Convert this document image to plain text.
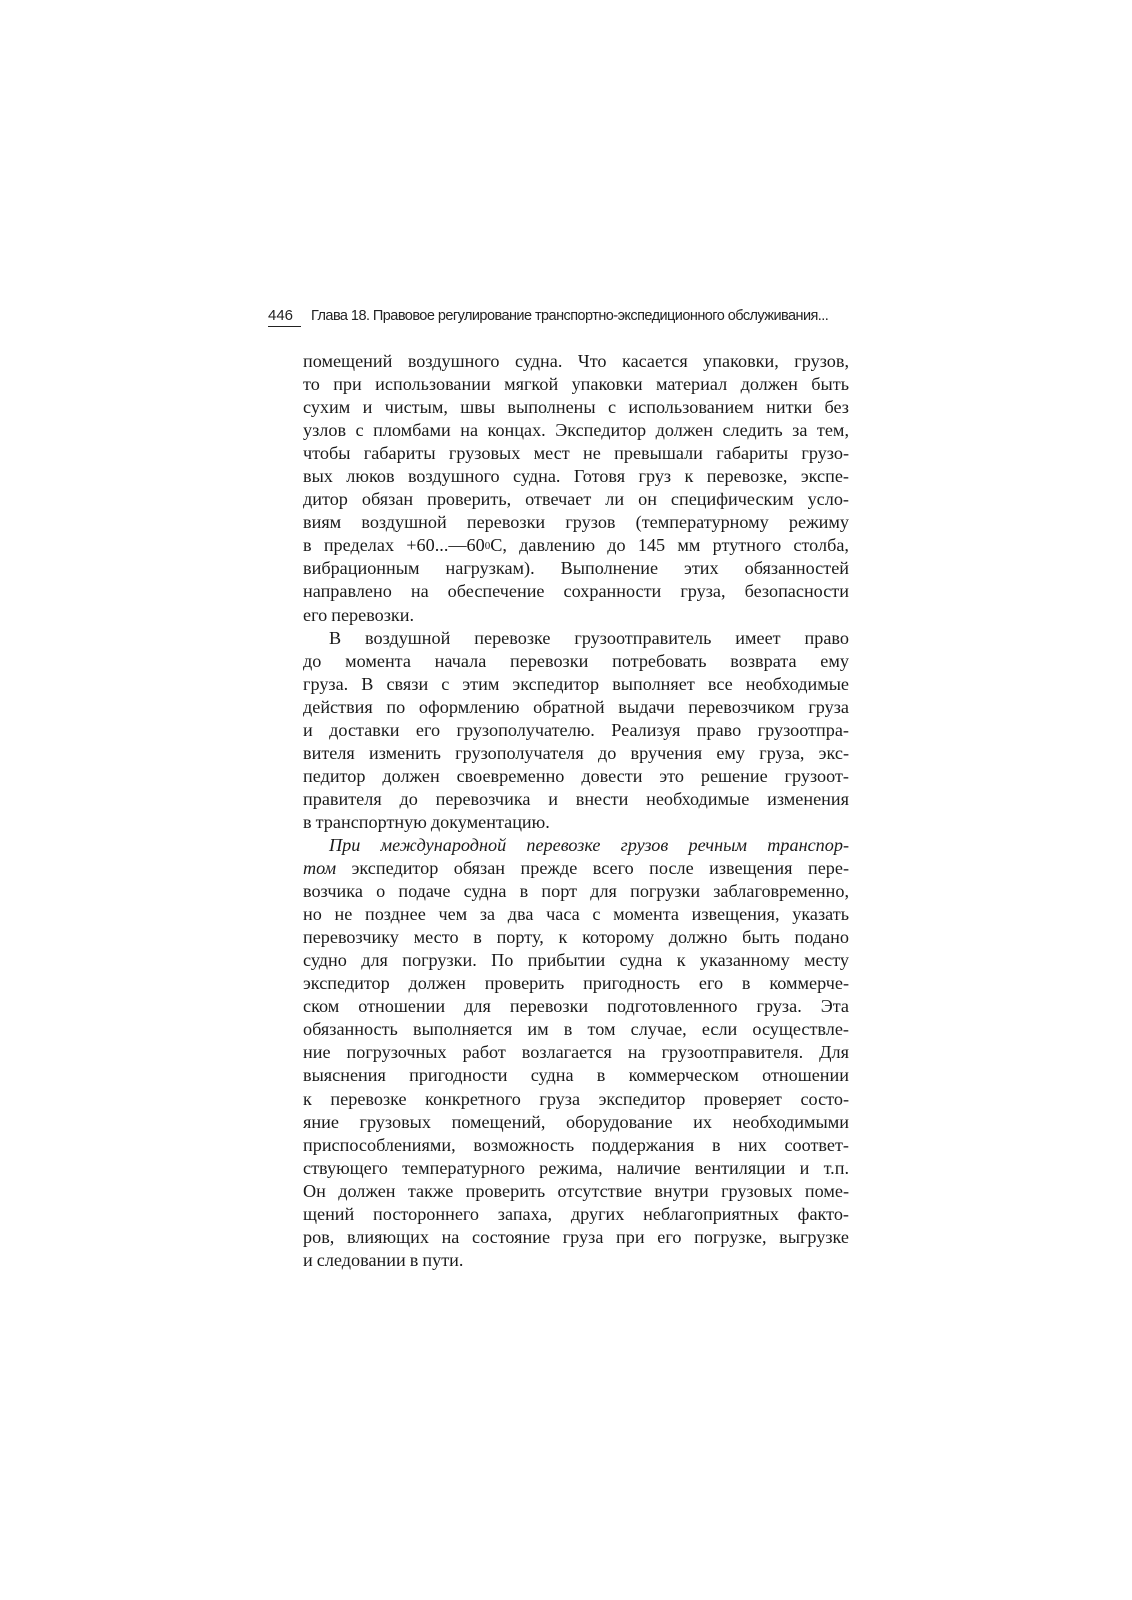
446 Глава 18. Правовое регулирование транспортно-экспедиционного обслуживания...
помещений воздушного судна. Что касается упаковки, грузов,
то при использовании мягкой упаковки материал должен быть
сухим и чистым, швы выполнены с использованием нитки без
узлов с пломбами на концах. Экспедитор должен следить за тем,
чтобы габариты грузовых мест не превышали габариты грузо-
вых люков воздушного судна. Готовя груз к перевозке, экспе-
дитор обязан проверить, отвечает ли он специфическим усло-
виям воздушной перевозки грузов (температурному режиму
в пределах $+60...—60^0С$, давлению до 145 мм ртутного столба,
вибрационным нагрузкам). Выполнение этих обязанностей
направлено на обеспечение сохранности груза, безопасности
его перевозки.
В воздушной перевозке грузоотправитель имеет право
до момента начала перевозки потребовать возврата ему
груза. В связи с этим экспедитор выполняет все необходимые
действия по оформлению обратной выдачи перевозчиком груза
и доставки его грузополучателю. Реализуя право грузоотпра-
вителя изменить грузополучателя до вручения ему груза, экс-
педитор должен своевременно довести это решение грузоот-
правителя до перевозчика и внести необходимые изменения
в транспортную документацию.
При международной перевозке грузов речным транспор-
том экспедитор обязан прежде всего после извещения пере-
возчика о подаче судна в порт для погрузки заблаговременно,
но не позднее чем за два часа с момента извещения, указать
перевозчику место в порту, к которому должно быть подано
судно для погрузки. По прибытии судна к указанному месту
экспедитор должен проверить пригодность его в коммерче-
ском отношении для перевозки подготовленного груза. Эта
обязанность выполняется им в том случае, если осуществле-
ние погрузочных работ возлагается на грузоотправителя. Для
выяснения пригодности судна в коммерческом отношении
к перевозке конкретного груза экспедитор проверяет состо-
яние грузовых помещений, оборудование их необходимыми
приспособлениями, возможность поддержания в них соответ-
ствующего температурного режима, наличие вентиляции и т.п.
Он должен также проверить отсутствие внутри грузовых поме-
щений постороннего запаха, других неблагоприятных факто-
ров, влияющих на состояние груза при его погрузке, выгрузке
и следовании в пути.
